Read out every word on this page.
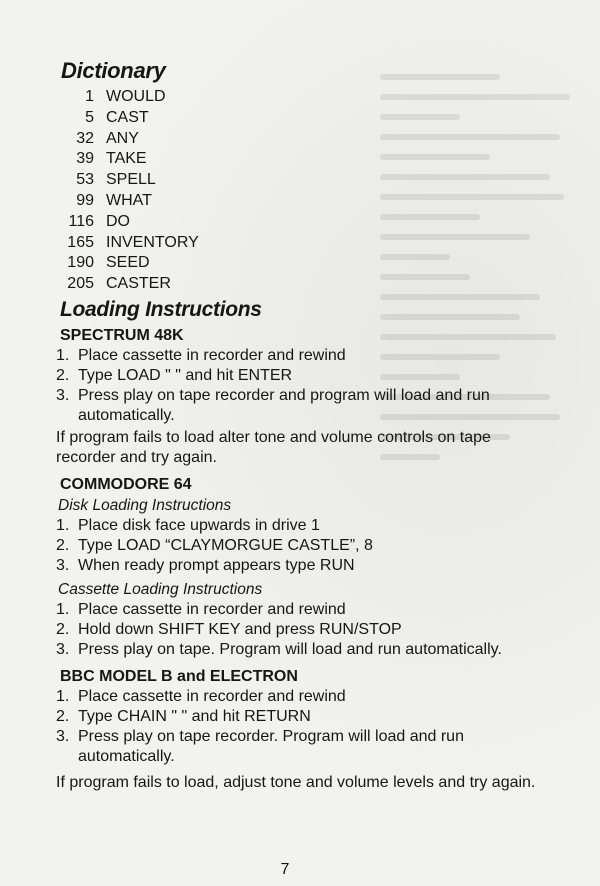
Dictionary
1 WOULD
5 CAST
32 ANY
39 TAKE
53 SPELL
99 WHAT
116 DO
165 INVENTORY
190 SEED
205 CASTER
Loading Instructions
SPECTRUM 48K
1. Place cassette in recorder and rewind
2. Type LOAD " " and hit ENTER
3. Press play on tape recorder and program will load and run automatically.
If program fails to load alter tone and volume controls on tape recorder and try again.
COMMODORE 64
Disk Loading Instructions
1. Place disk face upwards in drive 1
2. Type LOAD “CLAYMORGUE CASTLE”, 8
3. When ready prompt appears type RUN
Cassette Loading Instructions
1. Place cassette in recorder and rewind
2. Hold down SHIFT KEY and press RUN/STOP
3. Press play on tape. Program will load and run automatically.
BBC MODEL B and ELECTRON
1. Place cassette in recorder and rewind
2. Type CHAIN " " and hit RETURN
3. Press play on tape recorder. Program will load and run automatically.
If program fails to load, adjust tone and volume levels and try again.
7
